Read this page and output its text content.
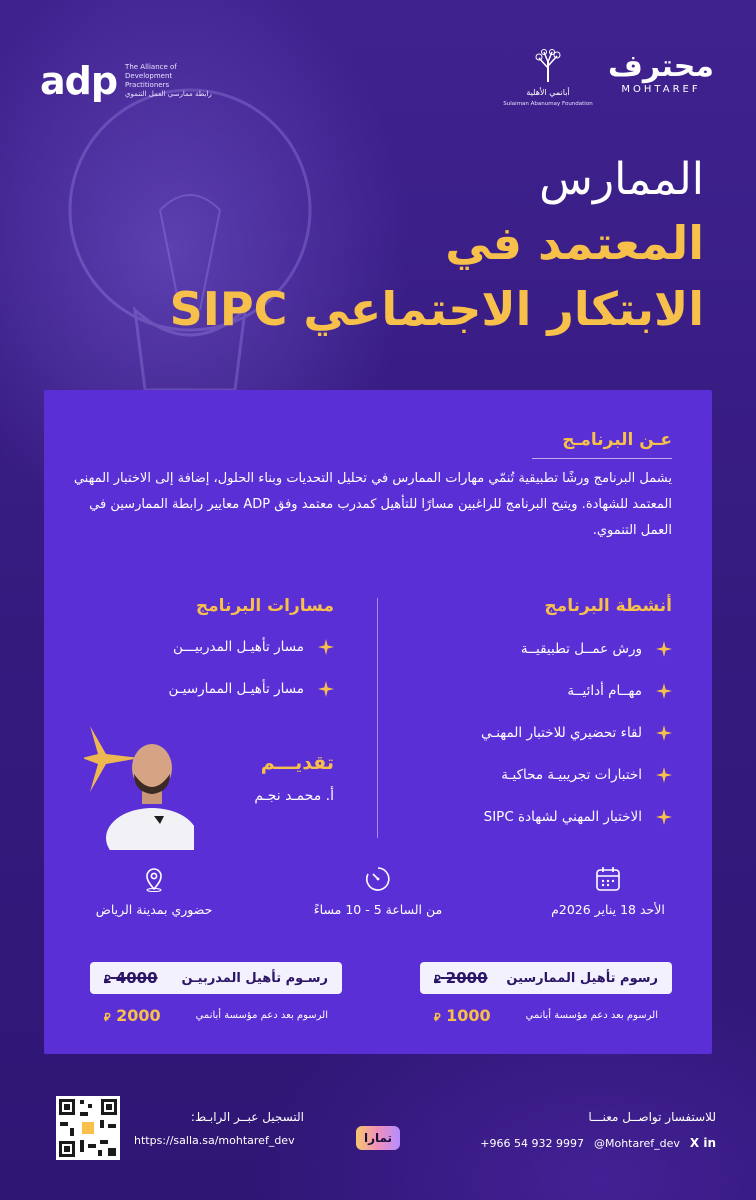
adp The Alliance of Development Practitioners
رابطة ممارسي العمل التنموي	أبانمي الأهلية
Sulaiman Abanumay Foundation
محترف
MOHTAREF
الممارس
المعتمد في
الابتكار الاجتماعي SIPC
عـن البرنامـج
يشمل البرنامج ورشًا تطبيقية تُنمّي مهارات الممارس في تحليل التحديات وبناء الحلول، إضافة إلى الاختبار المهني المعتمد للشهادة. ويتيح البرنامج للراغبين مسارًا للتأهيل كمدرب معتمد وفق ADP معايير رابطة الممارسين في العمل التنموي.
أنشطة البرنامج
ورش عمــل تطبيقيــة
مهــام أدائيــة
لقاء تحضيري للاختبار المهنـي
اختبارات تجريبيـة محاكيـة
الاختبار المهني لشهادة SIPC
مسارات البرنامج
مسار تأهيـل المدربيـــن
مسار تأهيـل الممارسيـن
تقديـــم
أ. محمـد نجـم
الأحد 18 يناير 2026م
من الساعة 5 - 10 مساءً
حضوري بمدينة الرياض
رسوم تأهيل الممارسين
2000 ⃁
الرسوم بعد دعم مؤسسة أبانمي
1000 ⃁
رسـوم تأهيل المدربيـن
4000 ⃁
الرسوم بعد دعم مؤسسة أبانمي
2000 ⃁
التسجيل عبــر الرابـط:
https://salla.sa/mohtaref_dev	تمارا
للاستفسار تواصــل معنـــا
+966 54 932 9997 @Mohtaref_dev X in
